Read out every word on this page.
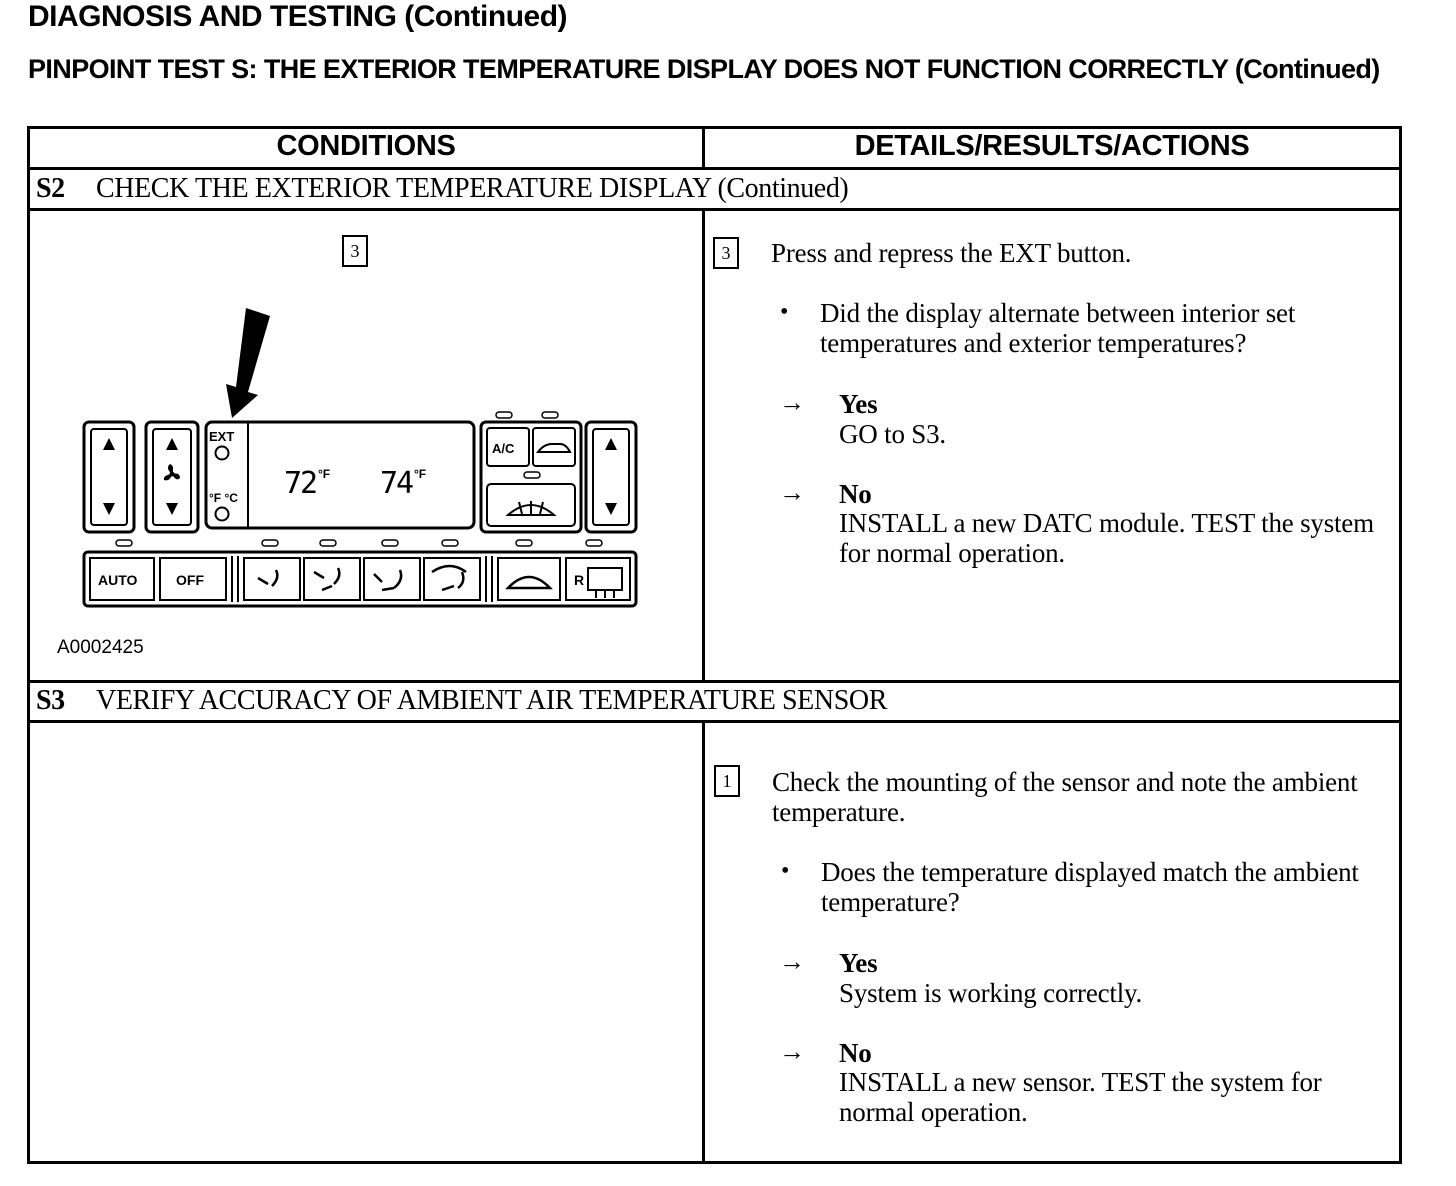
DIAGNOSIS AND TESTING (Continued)
PINPOINT TEST S: THE EXTERIOR TEMPERATURE DISPLAY DOES NOT FUNCTION CORRECTLY (Continued)
CONDITIONS	DETAILS/RESULTS/ACTIONS
S2 CHECK THE EXTERIOR TEMPERATURE DISPLAY (Continued)
3
EXT
°F °C 72 °F 74 °F
A/C
AUTO	OFF	R
A0002425
3	Press and repress the EXT button.
• Did the display alternate between interior set temperatures and exterior temperatures?
→ Yes
GO to S3.
→ No
INSTALL a new DATC module. TEST the system for normal operation.
S3 VERIFY ACCURACY OF AMBIENT AIR TEMPERATURE SENSOR
1	Check the mounting of the sensor and note the ambient temperature.
• Does the temperature displayed match the ambient temperature?
→ Yes
System is working correctly.
→ No
INSTALL a new sensor. TEST the system for normal operation.
